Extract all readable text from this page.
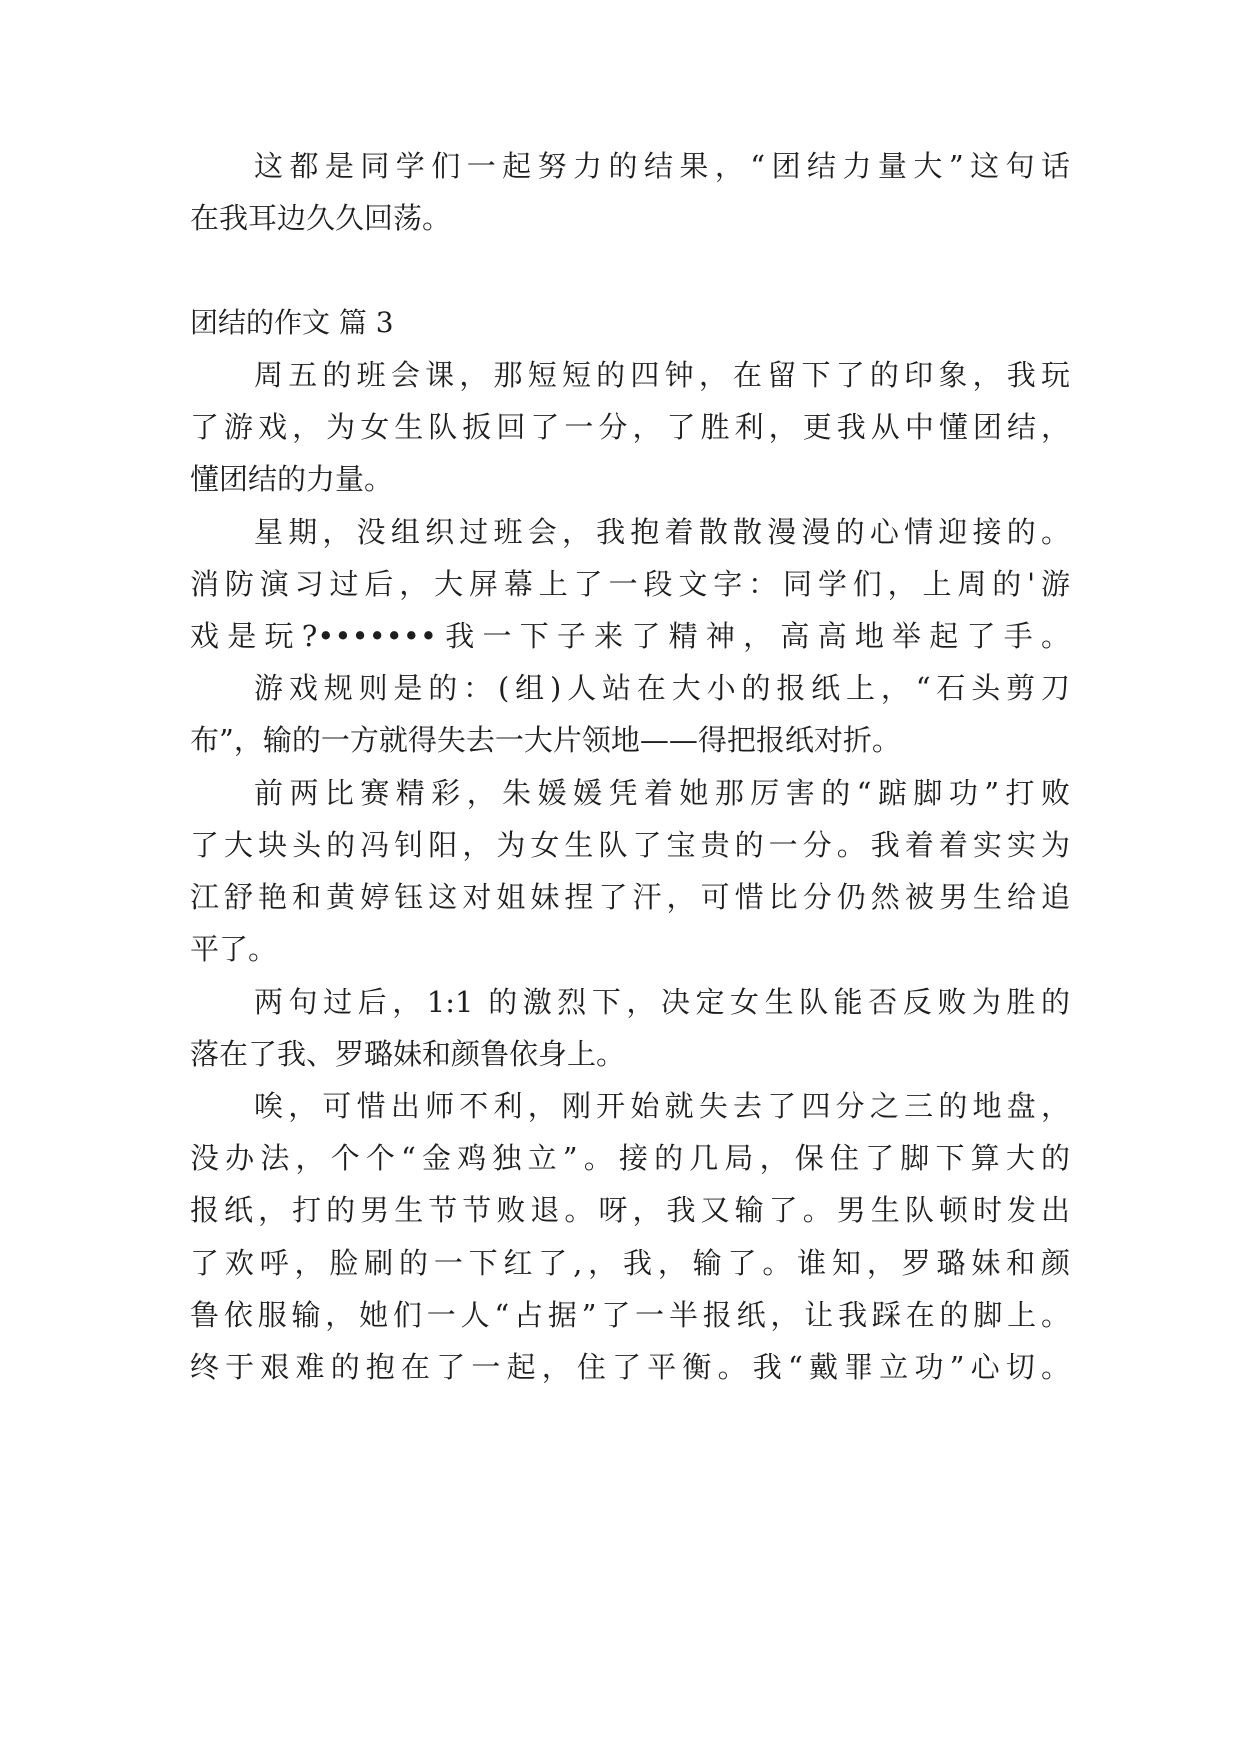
这都是同学们一起努力的结果，“团结力量大”这句话
在我耳边久久回荡。
团结的作文 篇 3
周五的班会课，那短短的四钟，在留下了的印象，我玩
了游戏，为女生队扳回了一分，了胜利，更我从中懂团结，
懂团结的力量。
星期，没组织过班会，我抱着散散漫漫的心情迎接的。
消防演习过后，大屏幕上了一段文字：同学们，上周的'游
戏是玩?•••••••我一下子来了精神，高高地举起了手。
游戏规则是的：(组)人站在大小的报纸上，“石头剪刀
布”，输的一方就得失去一大片领地——得把报纸对折。
前两比赛精彩，朱媛媛凭着她那厉害的“踮脚功”打败
了大块头的冯钊阳，为女生队了宝贵的一分。我着着实实为
江舒艳和黄婷钰这对姐妹捏了汗，可惜比分仍然被男生给追
平了。
两句过后，1:1 的激烈下，决定女生队能否反败为胜的
落在了我、罗璐妹和颜鲁依身上。
唉，可惜出师不利，刚开始就失去了四分之三的地盘，
没办法，个个“金鸡独立”。接的几局，保住了脚下算大的
报纸，打的男生节节败退。呀，我又输了。男生队顿时发出
了欢呼，脸刷的一下红了,，我，输了。谁知，罗璐妹和颜
鲁依服输，她们一人“占据”了一半报纸，让我踩在的脚上。
终于艰难的抱在了一起，住了平衡。我“戴罪立功”心切。
